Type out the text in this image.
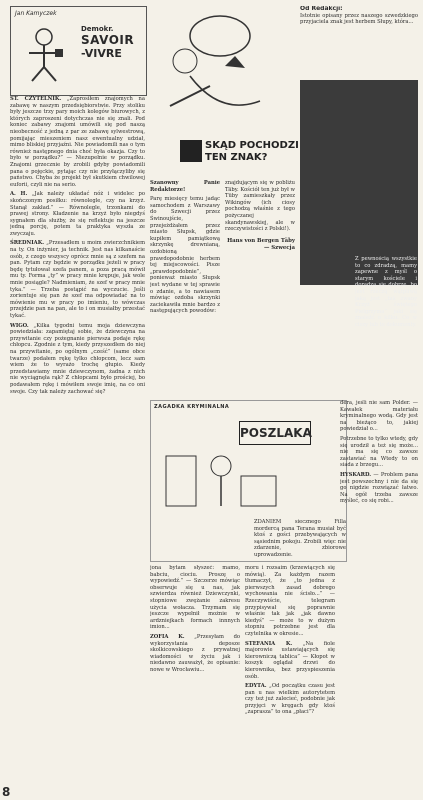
Jan Kamyczek
Demokr.
SAVOIR
-VIVRE

ST. CZYTELNIK. „Zaprosiłem znajomych na zabawę w naszym przedsiębiorstwie. Przy stoliku były jeszcze trzy pary moich kolegów biurowych, z których zaproszeni dotychczas nie się znali. Pod koniec zabawy znajomi umówili się pod naszą nieobecność z jedną z par ze zabawę sylwestrową, pomijając mieszeniem nasz ewentualny udział, mimo bliskiej przyjaźni. Nie powiadomili nas o tym również następnego dnia choć była okazja. Czy to było w porządku?” — Niezupełnie w porządku. Znajomi grzecznie by zrobili gdyby powiadomili pana o pojęckie, pytając czy nie przyłączyliby się państwo. Chyba że projekt był skutkiem chwilowej euforii, czyli nie na serio.

A. H. „Jak należy układać nóż i widelec po skończonym posiłku: równolegle, czy na krzyż. Stanął zakład.” — Równolegle, trzonkami do prawej strony. Kładzenie na krzyż było niegdyś sygnałem dla służby, że się reflektuje na jeszcze jedną porcję, potem ta praktyka wyszła ze zwyczaju.

ŚREDNIAK. „Przesadłem u moim zwierzchnikiem na ty. On inżynier, ja technik. Jest nas kilkanaście osób, z czego wszyscy oprócz mnie są z szefem na pan. Pytam czy będzie w porządku jeżeli w pracy będę tytułował szefa panem, a poza pracą mówił mu ty. Forma „ty” w pracy mnie krępuje, jak wole mnie posiągle? Nadmieniam, że szef w pracy mnie tyka.” — Trzeba postąpić na wyczucie. Jeśli zorientuje się pan że szef ma odpowiadać na to mówienie mu w pracy po imieniu, to wówczas przejdzie pan na pan, ale to i on musiałby przestać tykać.

WIGO. „Kilka tygodni temu moja dziewczyna powiedziała: zapamiętaj sobie, że dziewczyna na przywitanie czy pożegnanie pierwsza podaje rękę chłopcu. Zgodnie z tym, kiedy przyszedłem do niej na przywitanie, po ogólnym „cześć” (same obce twarze) podałem rękę tylko chłopcom, lecz sam wiem że to wyrażo trochę głupio. Kiedy przedstawiamy mnie dziewczynom, żadna z nich nie wyciągnęła rąk? Z chłopcami było prościej, bo podawałem rękę i mówiłem swoje imię, na co oni swoje. Czy tak należy zachować się?

SKĄD POCHODZI
TEN ZNAK?

Szanowny Panie Redaktorze!

Parę miesięcy temu jadąc samochodem z Warszawy do Szwecji przez Świnoujście, przejeżdżałem przez miasto Słupsk, gdzie kupiłem pamiątkową skrzynkę drewnianą, ozdobioną prawdopodobnie herbem tej miejscowości. Pisze „prawdopodobnie”, ponieważ miasto Słupsk jest wydane w tej sprawie o zdanie, a to nawiasem mówiąc ozdoba skrzynki zaciekawiła mnie bardzo z następujących powodów:

znajdującym się w pobliżu Täby. Kościół ten już był w Tüby zamieszkały przez Wikingów (ich ciosy pochodzą właśnie z tego pożyczanej skandynawskiej, ale w rzeczywistości z Polski!).

Hans von Bergen Täby — Szwecja

Od Redakcji:
Istotnie opisany przez naszego szwedzkiego przyjaciela znak jest herbem Słupy, która...
Z pewnością wszystkie to co zdradzą, mamy zapewne z myśl o starym kościele i doradza się dobrze, bo jest rzeczą wątpliwą jaką jest „tak zwany Krzyż świętego Pielgrzyma” jaki się znaleźć o kilku. Co w ciszy lub to dokumenty.
ZAGADKA KRYMINALNA
POSZLAKA
ZDANIEM siecznego Filla mordercą pana Terana musiał być ktoś z gości przebywających w sąsiednim pokoju. Zrobili więc nie zdarzenie, zbiorowe uprowadzenie.

jona bytam słyszeć: mamo, babciu, ciociu. Proszę o wypowiedź.” — Szczerze mówiąc obserwuje się u nas, jak szwierdza również Dziewczynki, stopniowe zwężanie zakresu użycia wołacza. Trzymam się jeszcze wypełnił możnie w ardzniejkach formach innnych imion...

ZOFIA K. „Przesyłam do wykorzystania deposze skolkicowskiego z prywatnej wiadomości w życiu jak i niedawno zauważył, że opisanie: nowe w Wrocławiu...

moru i rozsaim (krzewiących się mówią). Za każdym razem tłumaczył, że „to jedna z pierwszych zasad dobrego wychowania nie ścisło...” — Rzeczywiście, telegram przypisywał się poprawnie właśnie tak jak „jak dawno kiedyś” — może to w dużym stopniu potrzebne jest dla czytelnika w okresie...

STEFANIA K. „Na fiole majorowie ustawiających się kierowniczą tablica” — Kłopot w koszyk oglądał drzwi do kierownika, bez przyspieszenia osób.

EDYTA. „Od początku czasu jest pan u nas wielkim autorytetem czy też już zalecieć, podobnie jak przyjęci w kręgach gdy ktoś „zaprasza” to ona „płaci”?

dera, jeśli nie sam Polder. — Kawałek materiału kryminalnego wodą. Gdy jest na bieżąco to, jakiej powiedział o...

Potrzebne to tylko wtedy, gdy się urodził a też się może... nie ma się co zawsze zastawiać na Wtedy to on siada z brzegu...

HYSKARD. — Problem pana jest powszechny i nie da się go nigdzie rozwiązać łatwo. Na ogół trzeba zawsze myśleć, co się robi...

8
